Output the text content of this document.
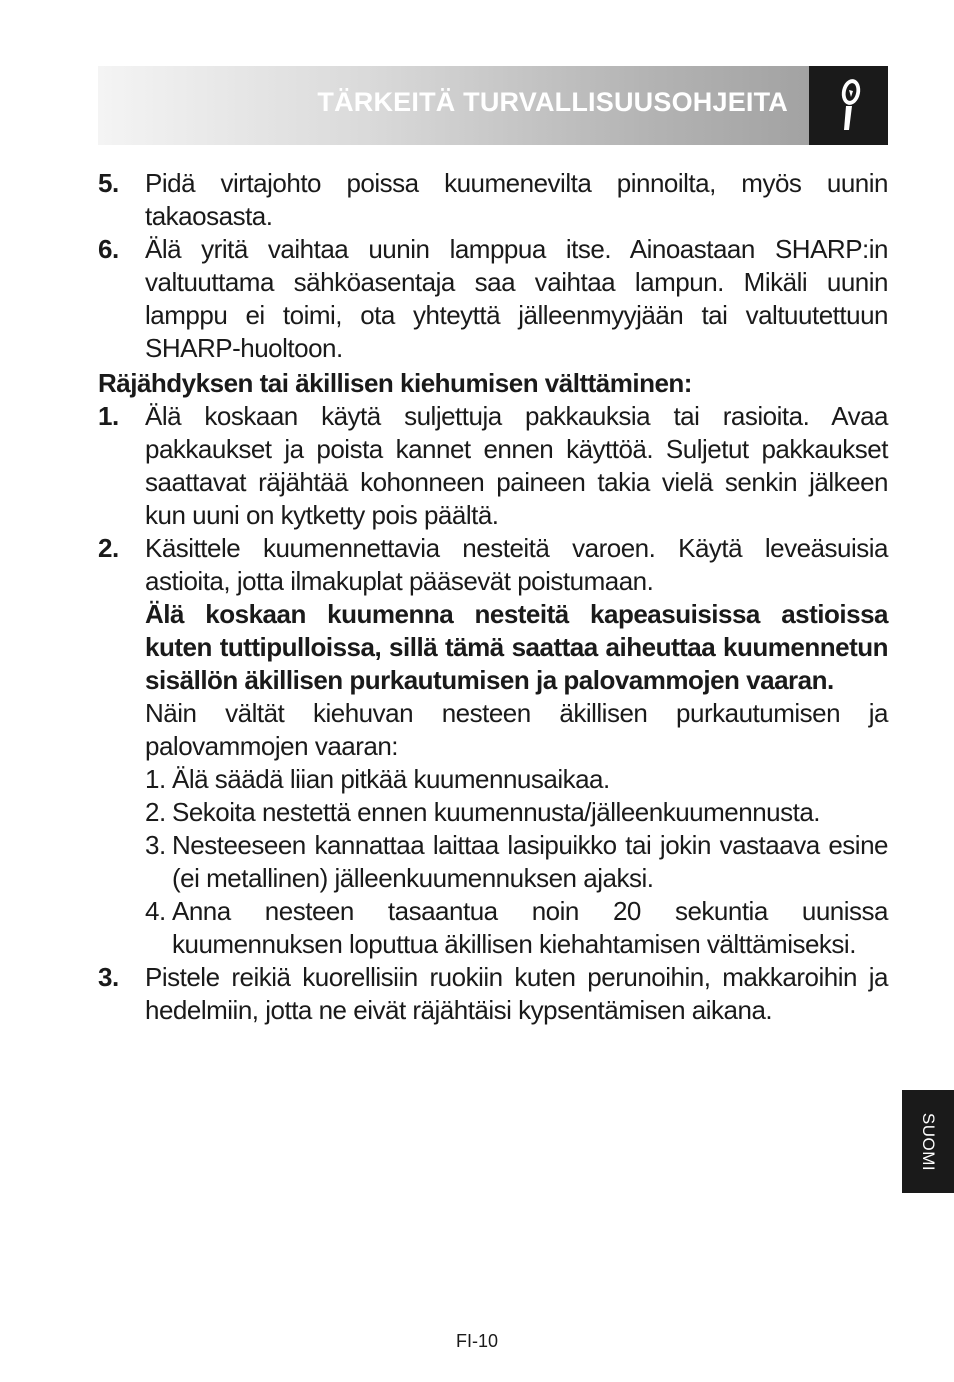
TÄRKEITÄ TURVALLISUUSOHJEITA
5.	Pidä virtajohto poissa kuumenevilta pinnoilta, myös uunin takaosasta.
6.	Älä yritä vaihtaa uunin lamppua itse. Ainoastaan SHARP:in valtuuttama sähköasentaja saa vaihtaa lampun. Mikäli uunin lamppu ei toimi, ota yhteyttä jälleenmyyjään tai valtuutettuun SHARP-huoltoon.
Räjähdyksen tai äkillisen kiehumisen välttäminen:
1.	Älä koskaan käytä suljettuja pakkauksia tai rasioita. Avaa pakkaukset ja poista kannet ennen käyttöä. Suljetut pakkaukset saattavat räjähtää kohonneen paineen takia vielä senkin jälkeen kun uuni on kytketty pois päältä.
2.	Käsittele kuumennettavia nesteitä varoen. Käytä leveäsuisia astioita, jotta ilmakuplat pääsevät poistumaan.
Älä koskaan kuumenna nesteitä kapeasuisissa astioissa kuten tuttipulloissa, sillä tämä saattaa aiheuttaa kuumennetun sisällön äkillisen purkautumisen ja palovammojen vaaran.
Näin vältät kiehuvan nesteen äkillisen purkautumisen ja palovammojen vaaran:
1. Älä säädä liian pitkää kuumennusaikaa.
2. Sekoita nestettä ennen kuumennusta/jälleenkuumennusta.
3. Nesteeseen kannattaa laittaa lasipuikko tai jokin vastaava esine (ei metallinen) jälleenkuumennuksen ajaksi.
4. Anna nesteen tasaantua noin 20 sekuntia uunissa kuumennuksen loputtua äkillisen kiehahtamisen välttämiseksi.
3.	Pistele reikiä kuorellisiin ruokiin kuten perunoihin, makkaroihin ja hedelmiin, jotta ne eivät räjähtäisi kypsentämisen aikana.
SUOMI
FI-10
